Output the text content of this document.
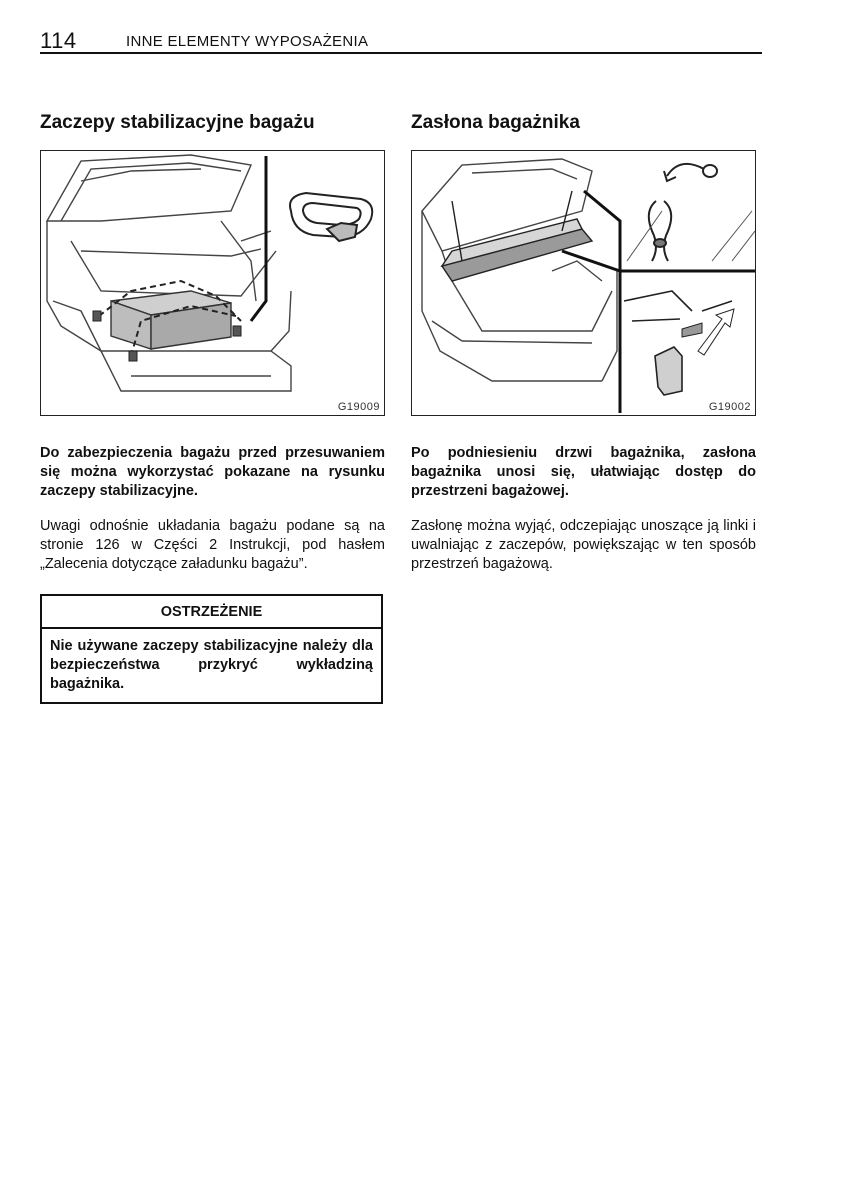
114	INNE ELEMENTY WYPOSAŻENIA
Zaczepy stabilizacyjne bagażu
G19009

Do zabezpieczenia bagażu przed przesuwaniem się można wykorzystać pokazane na rysunku zaczepy stabilizacyjne.

Uwagi odnośnie układania bagażu podane są na stronie 126 w Części 2 Instrukcji, pod hasłem „Zalecenia dotyczące załadunku bagażu”.

OSTRZEŻENIE
Nie używane zaczepy stabilizacyjne należy dla bezpieczeństwa przykryć wykładziną bagażnika.
Zasłona bagażnika
G19002

Po podniesieniu drzwi bagażnika, zasłona bagażnika unosi się, ułatwiając dostęp do przestrzeni bagażowej.

Zasłonę można wyjąć, odczepiając unoszące ją linki i uwalniając z zaczepów, powiększając w ten sposób przestrzeń bagażową.
